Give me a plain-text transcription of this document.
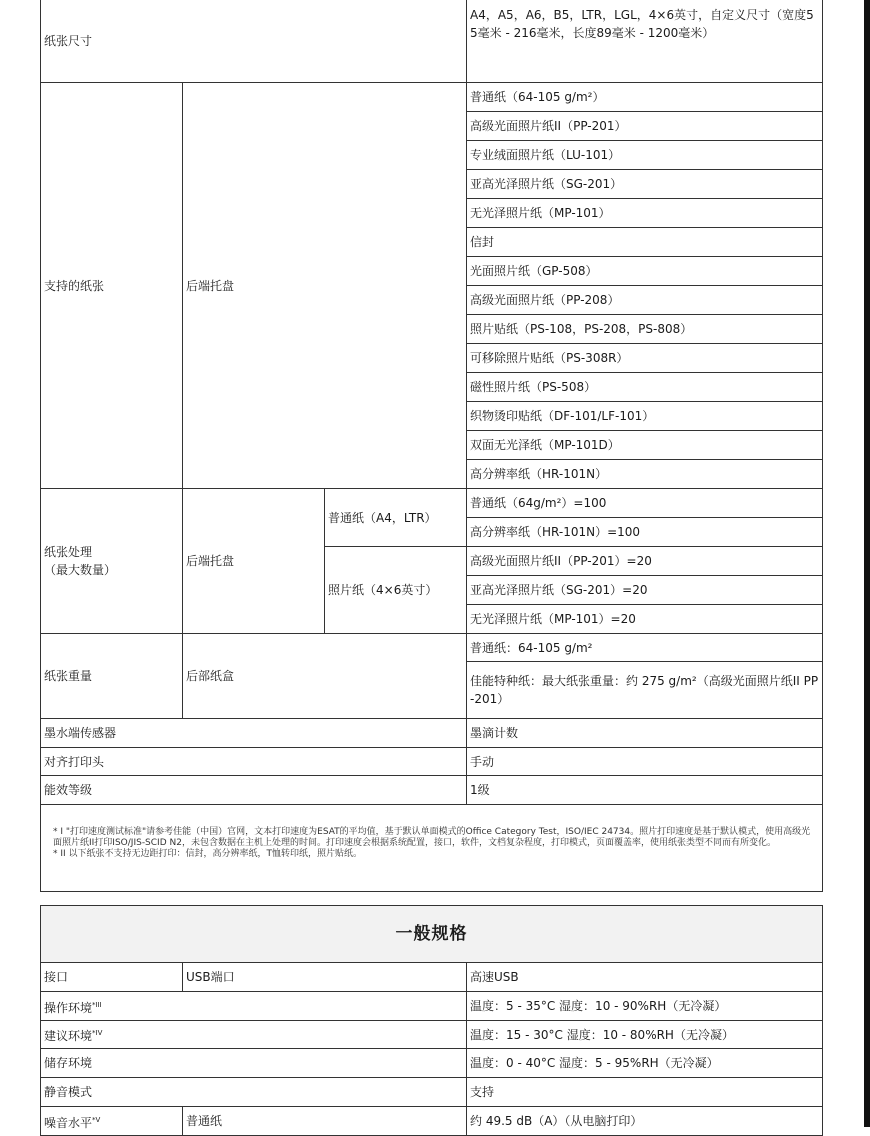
纸张尺寸			A4，A5，A6，B5，LTR，LGL，4×6英寸，自定义尺寸（宽度55毫米 - 216毫米，长度89毫米 - 1200毫米）
支持的纸张	后端托盘		普通纸（64-105 g/m²）
			高级光面照片纸II（PP-201）
			专业绒面照片纸（LU-101）
			亚高光泽照片纸（SG-201）
			无光泽照片纸（MP-101）
			信封
			光面照片纸（GP-508）
			高级光面照片纸（PP-208）
			照片贴纸（PS-108，PS-208，PS-808）
			可移除照片贴纸（PS-308R）
			磁性照片纸（PS-508）
			织物烫印贴纸（DF-101/LF-101）
			双面无光泽纸（MP-101D）
			高分辨率纸（HR-101N）

纸张处理
（最大数量）	后端托盘	普通纸（A4，LTR）	普通纸（64g/m²）=100
			高分辨率纸（HR-101N）=100
		照片纸（4×6英寸）	高级光面照片纸II（PP-201）=20
			亚高光泽照片纸（SG-201）=20
			无光泽照片纸（MP-101）=20
纸张重量	后部纸盒		普通纸：64-105 g/m²
			佳能特种纸：最大纸张重量：约 275 g/m²（高级光面照片纸II PP-201）
墨水端传感器			墨滴计数
对齐打印头			手动
能效等级			1级

* I "打印速度测试标准"请参考佳能（中国）官网，文本打印速度为ESAT的平均值，基于默认单面模式的Office Category Test，ISO/IEC 24734。照片打印速度是基于默认模式，使用高级光面照片纸II打印ISO/JIS-SCID N2，未包含数据在主机上处理的时间。打印速度会根据系统配置，接口，软件，文档复杂程度，打印模式，页面覆盖率，使用纸张类型不同而有所变化。
* II 以下纸张不支持无边距打印：信封，高分辨率纸，T恤转印纸，照片贴纸。			
一般规格		
接口	USB端口	高速USB
操作环境$^{*III}$		温度：5 - 35°C 湿度：10 - 90%RH（无冷凝）
建议环境$^{*IV}$		温度：15 - 30°C 湿度：10 - 80%RH（无冷凝）
储存环境		温度：0 - 40°C 湿度：5 - 95%RH（无冷凝）
静音模式		支持
噪音水平$^{*V}$	普通纸	约 49.5 dB（A）（从电脑打印）
